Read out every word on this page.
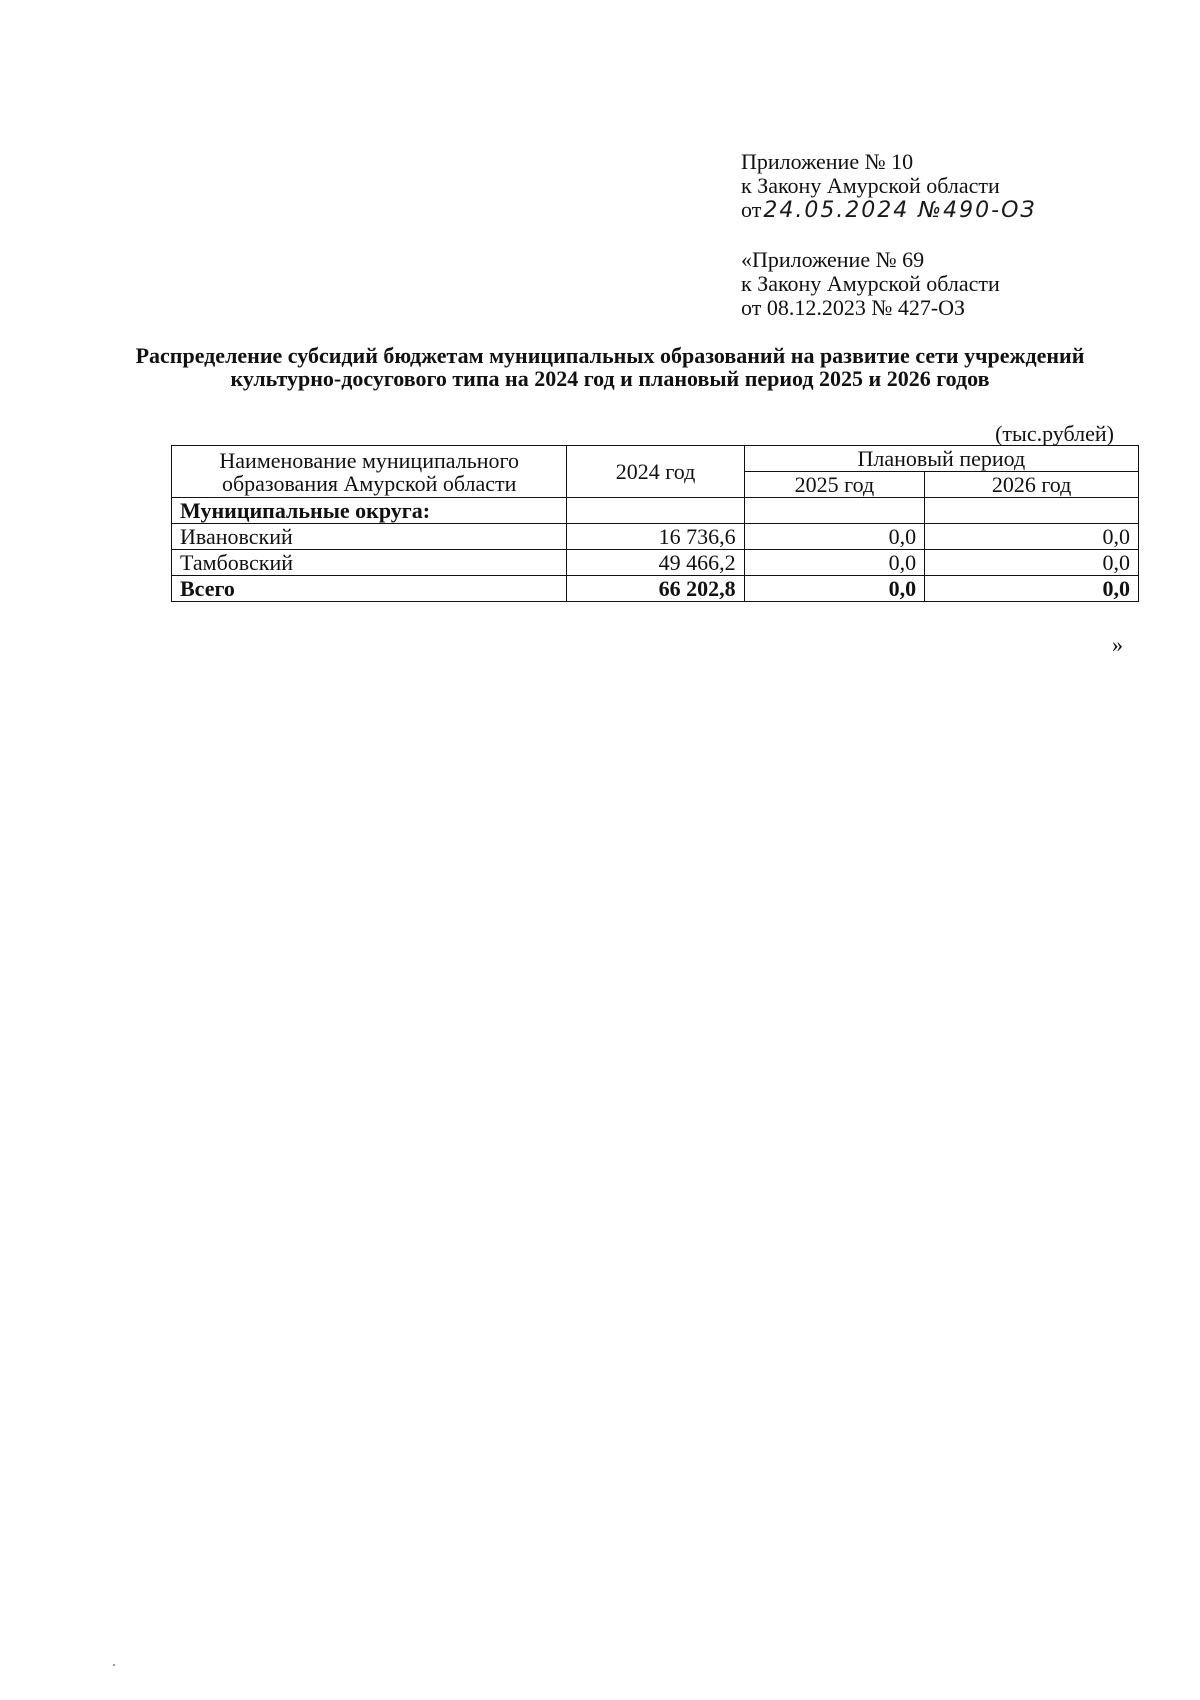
Приложение № 10
к Закону Амурской области
от24.05.2024 №490-ОЗ
«Приложение № 69
к Закону Амурской области
от 08.12.2023 № 427-ОЗ
Распределение субсидий бюджетам муниципальных образований на развитие сети учреждений культурно-досугового типа на 2024 год и плановый период 2025 и 2026 годов
(тыс.рублей)
Наименование муниципального образования Амурской области	2024 год	Плановый период	
		2025 год	2026 год
Муниципальные округа:			
Ивановский	16 736,6	0,0	0,0
Тамбовский	49 466,2	0,0	0,0
Всего	66 202,8	0,0	0,0
»
